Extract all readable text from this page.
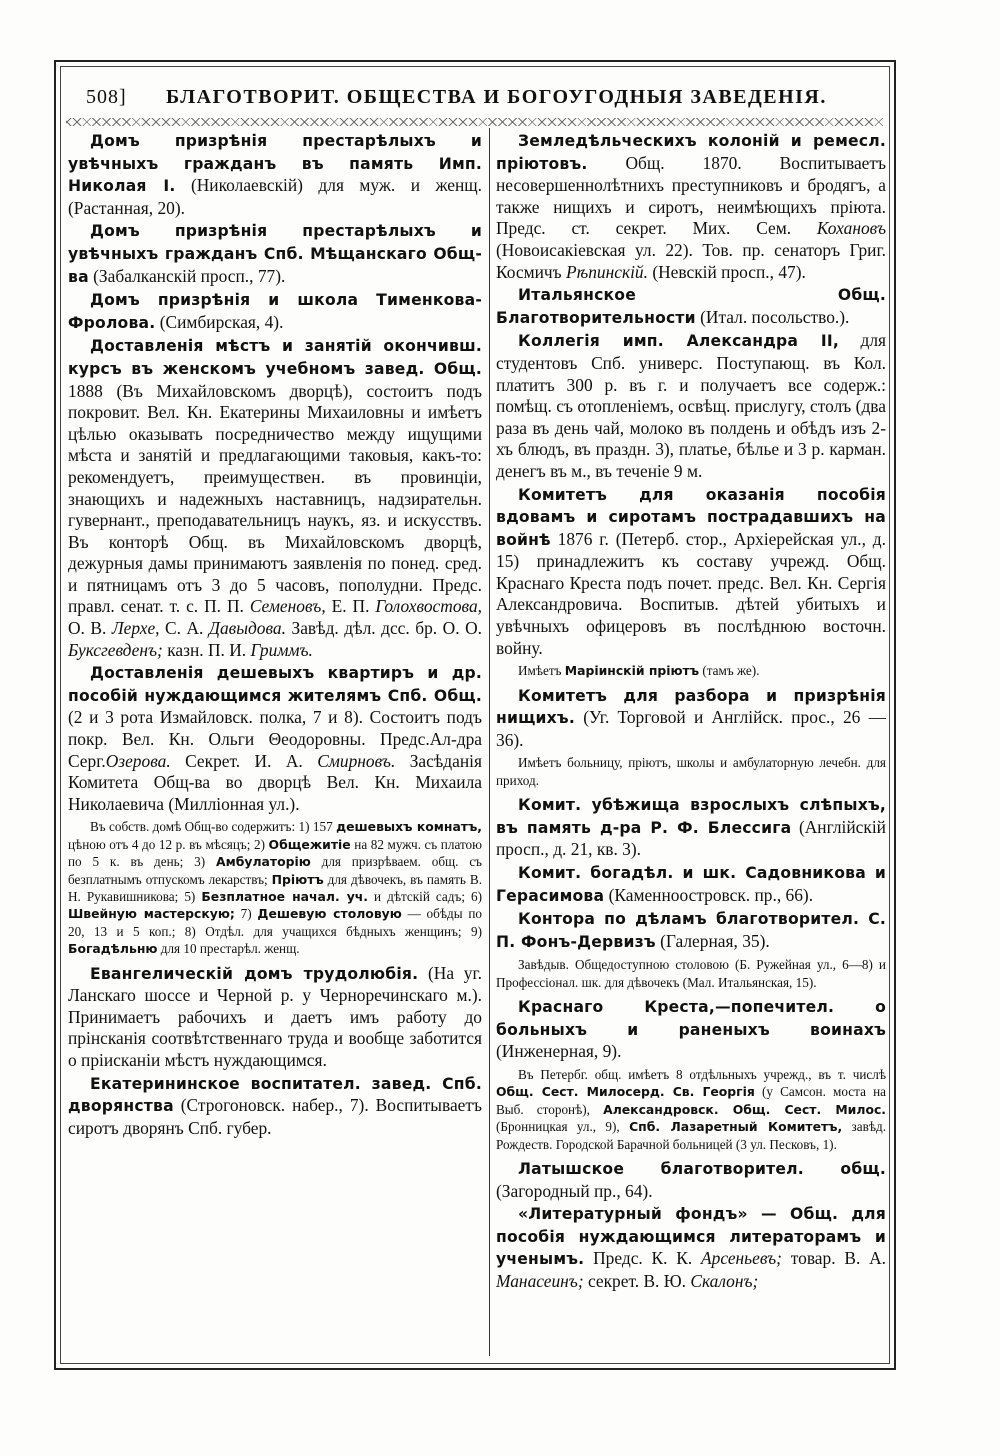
508] БЛАГОТВОРИТ. ОБЩЕСТВА И БОГОУГОДНЫЯ ЗАВЕДЕНІЯ.

Домъ призрѣнія престарѣлыхъ и увѣчныхъ гражданъ въ память Имп. Николая I. (Николаевскій) для муж. и женщ. (Растанная, 20).

Домъ призрѣнія престарѣлыхъ и увѣчныхъ гражданъ Спб. Мѣщанскаго Общ-ва (Забалканскій просп., 77).

Домъ призрѣнія и школа Тименкова-Фролова. (Симбирская, 4).

Доставленія мѣстъ и занятій окончивш. курсъ въ женскомъ учебномъ завед. Общ. 1888 (Въ Михайловскомъ дворцѣ), состоитъ подъ покровит. Вел. Кн. Екатерины Михаиловны и имѣетъ цѣлью оказывать посредничество между ищущими мѣста и занятій и предлагающими таковыя, какъ-то: рекомендуетъ, преимуществен. въ провинціи, знающихъ и надежныхъ наставницъ, надзирательн. гувернант., преподавательницъ наукъ, яз. и искусствъ. Въ конторѣ Общ. въ Михайловскомъ дворцѣ, дежурныя дамы принимаютъ заявленія по понед. сред. и пятницамъ отъ 3 до 5 часовъ, пополудни. Предс. правл. сенат. т. с. П. П. Семеновъ, Е. П. Голохвостова, О. В. Лерхе, С. А. Давыдова. Завѣд. дѣл. дсс. бр. О. О. Буксгевденъ; казн. П. И. Гриммъ.

Доставленія дешевыхъ квартиръ и др. пособій нуждающимся жителямъ Спб. Общ. (2 и 3 рота Измайловск. полка, 7 и 8). Состоитъ подъ покр. Вел. Кн. Ольги Θеодоровны. Предс.Ал-дра Серг.Озерова. Секрет. И. А. Смирновъ. Засѣданія Комитета Общ-ва во дворцѣ Вел. Кн. Михаила Николаевича (Милліонная ул.).

Въ собств. домѣ Общ-во содержитъ: 1) 157 дешевыхъ комнатъ, цѣною отъ 4 до 12 р. въ мѣсяцъ; 2) Общежитіе на 82 мужч. съ платою по 5 к. въ день; 3) Амбулаторію для призрѣваем. общ. съ безплатнымъ отпускомъ лекарствъ; Пріютъ для дѣвочекъ, въ память В. Н. Рукавишникова; 5) Безплатное начал. уч. и дѣтскій садъ; 6) Швейную мастерскую; 7) Дешевую столовую — обѣды по 20, 13 и 5 коп.; 8) Отдѣл. для учащихся бѣдныхъ женщинъ; 9) Богадѣльню для 10 престарѣл. женщ.

Евангелическій домъ трудолюбія. (На уг. Ланскаго шоссе и Черной р. у Черноречинскаго м.). Принимаетъ рабочихъ и даетъ имъ работу до прінсканія соотвѣтственнаго труда и вообще заботится о пріисканіи мѣстъ нуждающимся.

Екатерининское воспитател. завед. Спб. дворянства (Строгоновск. набер., 7). Воспитываетъ сиротъ дворянъ Спб. губер.

Земледѣльческихъ колоній и ремесл. пріютовъ. Общ. 1870. Воспитываетъ несовершеннолѣтнихъ преступниковъ и бродягъ, а также нищихъ и сиротъ, неимѣющихъ пріюта. Предс. ст. секрет. Мих. Сем. Кохановъ (Новоисакіевская ул. 22). Тов. пр. сенаторъ Григ. Космичъ Рѣпинскій. (Невскій просп., 47).

Итальянское Общ. Благотворительности (Итал. посольство.).

Коллегія имп. Александра II, для студентовъ Спб. универс. Поступающ. въ Кол. платитъ 300 р. въ г. и получаетъ все содерж.: помѣщ. съ отопленіемъ, освѣщ. прислугу, столъ (два раза въ день чай, молоко въ полдень и обѣдъ изъ 2-хъ блюдъ, въ праздн. 3), платье, бѣлье и 3 р. карман. денегъ въ м., въ теченіе 9 м.

Комитетъ для оказанія пособія вдовамъ и сиротамъ пострадавшихъ на войнѣ 1876 г. (Петерб. стор., Архіерейская ул., д. 15) принадлежитъ къ составу учрежд. Общ. Краснаго Креста подъ почет. предс. Вел. Кн. Сергія Александровича. Воспитыв. дѣтей убитыхъ и увѣчныхъ офицеровъ въ послѣднюю восточн. войну.

Имѣетъ Маріинскій пріютъ (тамъ же).

Комитетъ для разбора и призрѣнія нищихъ. (Уг. Торговой и Англійск. прос., 26 —36).

Имѣетъ больницу, пріютъ, школы и амбулаторную лечебн. для приход.

Комит. убѣжища взрослыхъ слѣпыхъ, въ память д-ра Р. Ф. Блессига (Англійскій просп., д. 21, кв. 3).

Комит. богадѣл. и шк. Садовникова и Герасимова (Каменноостровск. пр., 66).

Контора по дѣламъ благотворител. С. П. Фонъ-Дервизъ (Галерная, 35).

Завѣдыв. Общедоступною столовою (Б. Ружейная ул., 6—8) и Профессіонал. шк. для дѣвочекъ (Мал. Итальянская, 15).

Краснаго Креста,—попечител. о больныхъ и раненыхъ воинахъ (Инженерная, 9).

Въ Петербг. общ. имѣетъ 8 отдѣльныхъ учрежд., въ т. числѣ Общ. Сест. Милосерд. Св. Георгія (у Самсон. моста на Выб. сторонѣ), Александровск. Общ. Сест. Милос. (Бронницкая ул., 9), Спб. Лазаретный Комитетъ, завѣд. Рождеств. Городской Барачной больницей (3 ул. Песковъ, 1).

Латышское благотворител. общ. (Загородный пр., 64).

«Литературный фондъ» — Общ. для пособія нуждающимся литераторамъ и ученымъ. Предс. К. К. Арсеньевъ; товар. В. А. Манасеинъ; секрет. В. Ю. Скалонъ;
